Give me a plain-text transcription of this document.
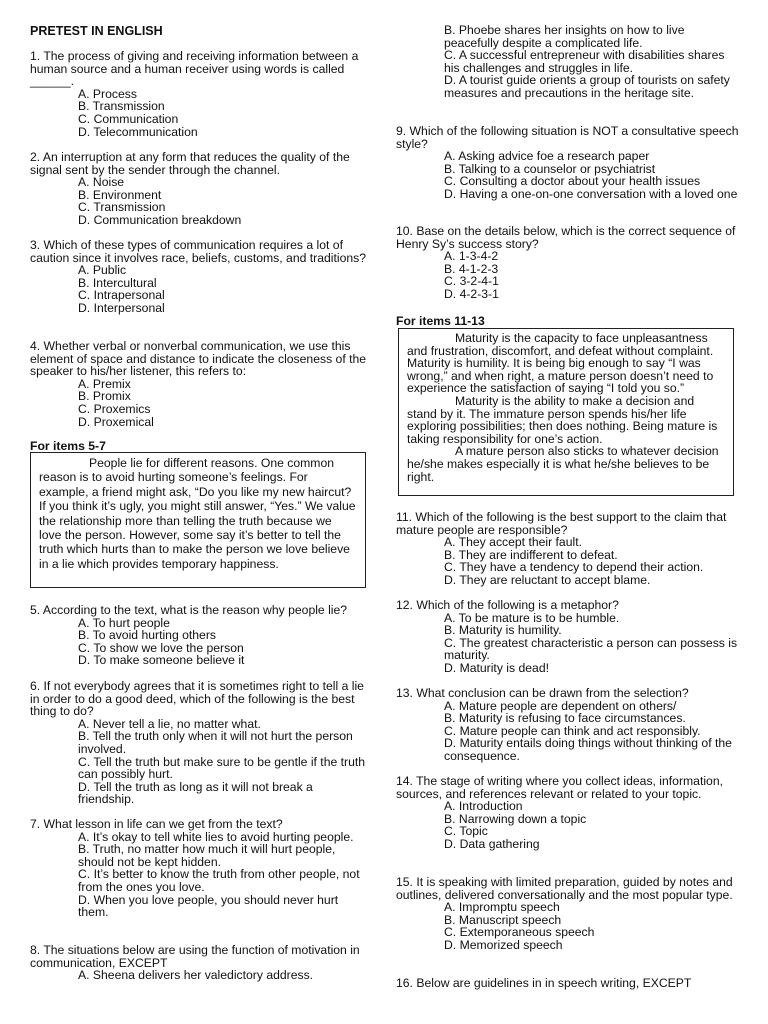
PRETEST IN ENGLISH

1. The process of giving and receiving information between a human source and a human receiver using words is called ______.

A. Process
B. Transmission
C. Communication
D. Telecommunication

2. An interruption at any form that reduces the quality of the signal sent by the sender through the channel.

A. Noise
B. Environment
C. Transmission
D. Communication breakdown

3. Which of these types of communication requires a lot of caution since it involves race, beliefs, customs, and traditions?

A. Public
B. Intercultural
C. Intrapersonal
D. Interpersonal

4. Whether verbal or nonverbal communication, we use this element of space and distance to indicate the closeness of the speaker to his/her listener, this refers to:

A. Premix
B. Promix
C. Proxemics
D. Proxemical

For items 5-7

People lie for different reasons. One common reason is to avoid hurting someone’s feelings. For example, a friend might ask, “Do you like my new haircut? If you think it’s ugly, you might still answer, “Yes.” We value the relationship more than telling the truth because we love the person. However, some say it’s better to tell the truth which hurts than to make the person we love believe in a lie which provides temporary happiness.

5. According to the text, what is the reason why people lie?

A. To hurt people
B. To avoid hurting others
C. To show we love the person
D. To make someone believe it

6. If not everybody agrees that it is sometimes right to tell a lie in order to do a good deed, which of the following is the best thing to do?

A. Never tell a lie, no matter what.
B. Tell the truth only when it will not hurt the person involved.
C. Tell the truth but make sure to be gentle if the truth can possibly hurt.
D. Tell the truth as long as it will not break a friendship.

7. What lesson in life can we get from the text?

A. It’s okay to tell white lies to avoid hurting people.
B. Truth, no matter how much it will hurt people, should not be kept hidden.
C. It’s better to know the truth from other people, not from the ones you love.
D. When you love people, you should never hurt them.

8. The situations below are using the function of motivation in communication, EXCEPT

A. Sheena delivers her valedictory address.
B. Phoebe shares her insights on how to live peacefully despite a complicated life.
C. A successful entrepreneur with disabilities shares his challenges and struggles in life.
D. A tourist guide orients a group of tourists on safety measures and precautions in the heritage site.

9. Which of the following situation is NOT a consultative speech style?

A. Asking advice foe a research paper
B. Talking to a counselor or psychiatrist
C. Consulting a doctor about your health issues
D. Having a one-on-one conversation with a loved one

10. Base on the details below, which is the correct sequence of Henry Sy’s success story?

A. 1-3-4-2
B. 4-1-2-3
C. 3-2-4-1
D. 4-2-3-1

For items 11-13

Maturity is the capacity to face unpleasantness and frustration, discomfort, and defeat without complaint. Maturity is humility. It is being big enough to say “I was wrong,” and when right, a mature person doesn’t need to experience the satisfaction of saying “I told you so.”

Maturity is the ability to make a decision and stand by it. The immature person spends his/her life exploring possibilities; then does nothing. Being mature is taking responsibility for one’s action.

A mature person also sticks to whatever decision he/she makes especially it is what he/she believes to be right.

11. Which of the following is the best support to the claim that mature people are responsible?

A. They accept their fault.
B. They are indifferent to defeat.
C. They have a tendency to depend their action.
D. They are reluctant to accept blame.

12. Which of the following is a metaphor?

A. To be mature is to be humble.
B. Maturity is humility.
C. The greatest characteristic a person can possess is maturity.
D. Maturity is dead!

13. What conclusion can be drawn from the selection?

A. Mature people are dependent on others/
B. Maturity is refusing to face circumstances.
C. Mature people can think and act responsibly.
D. Maturity entails doing things without thinking of the consequence.

14. The stage of writing where you collect ideas, information, sources, and references relevant or related to your topic.

A. Introduction
B. Narrowing down a topic
C. Topic
D. Data gathering

15. It is speaking with limited preparation, guided by notes and outlines, delivered conversationally and the most popular type.

A. Impromptu speech
B. Manuscript speech
C. Extemporaneous speech
D. Memorized speech

16. Below are guidelines in in speech writing, EXCEPT
